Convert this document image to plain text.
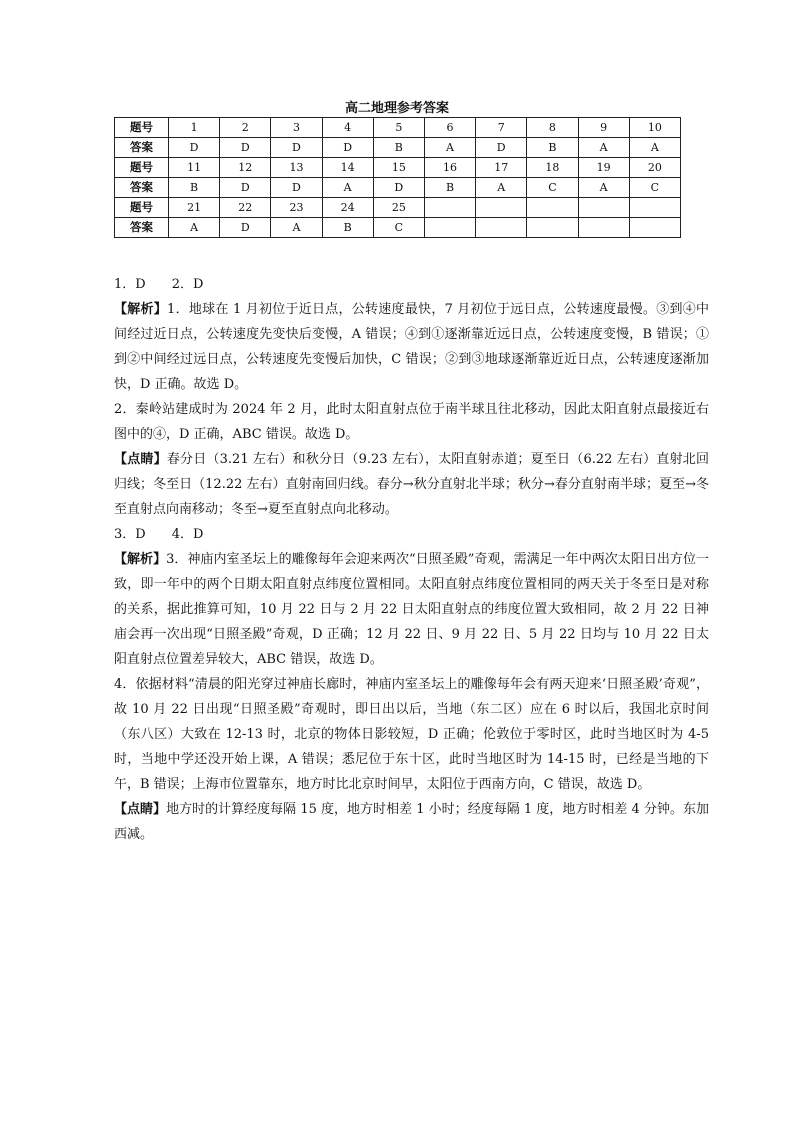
高二地理参考答案
题号	1	2	3	4	5	6	7	8	9	10
答案	D	D	D	D	B	A	D	B	A	A
题号	11	12	13	14	15	16	17	18	19	20
答案	B	D	D	A	D	B	A	C	A	C
题号	21	22	23	24	25					
答案	A	D	A	B	C					

1．D 2．D

【解析】1．地球在 1 月初位于近日点，公转速度最快，7 月初位于远日点，公转速度最慢。③到④中间经过近日点，公转速度先变快后变慢，A 错误；④到①逐渐靠近远日点，公转速度变慢，B 错误；①到②中间经过远日点，公转速度先变慢后加快，C 错误；②到③地球逐渐靠近近日点，公转速度逐渐加快，D 正确。故选 D。

2．秦岭站建成时为 2024 年 2 月，此时太阳直射点位于南半球且往北移动，因此太阳直射点最接近右图中的④，D 正确，ABC 错误。故选 D。

【点睛】春分日（3.21 左右）和秋分日（9.23 左右），太阳直射赤道；夏至日（6.22 左右）直射北回归线；冬至日（12.22 左右）直射南回归线。春分→秋分直射北半球；秋分→春分直射南半球；夏至→冬至直射点向南移动；冬至→夏至直射点向北移动。

3．D 4．D

【解析】3．神庙内室圣坛上的雕像每年会迎来两次“日照圣殿”奇观，需满足一年中两次太阳日出方位一致，即一年中的两个日期太阳直射点纬度位置相同。太阳直射点纬度位置相同的两天关于冬至日是对称的关系，据此推算可知，10 月 22 日与 2 月 22 日太阳直射点的纬度位置大致相同，故 2 月 22 日神庙会再一次出现“日照圣殿”奇观，D 正确；12 月 22 日、9 月 22 日、5 月 22 日均与 10 月 22 日太阳直射点位置差异较大，ABC 错误，故选 D。

4．依据材料“清晨的阳光穿过神庙长廊时，神庙内室圣坛上的雕像每年会有两天迎来‘日照圣殿’奇观”，故 10 月 22 日出现“日照圣殿”奇观时，即日出以后，当地（东二区）应在 6 时以后，我国北京时间（东八区）大致在 12-13 时，北京的物体日影较短，D 正确；伦敦位于零时区，此时当地区时为 4-5 时，当地中学还没开始上课，A 错误；悉尼位于东十区，此时当地区时为 14-15 时，已经是当地的下午，B 错误；上海市位置靠东，地方时比北京时间早，太阳位于西南方向，C 错误，故选 D。

【点睛】地方时的计算经度每隔 15 度，地方时相差 1 小时；经度每隔 1 度，地方时相差 4 分钟。东加西减。
